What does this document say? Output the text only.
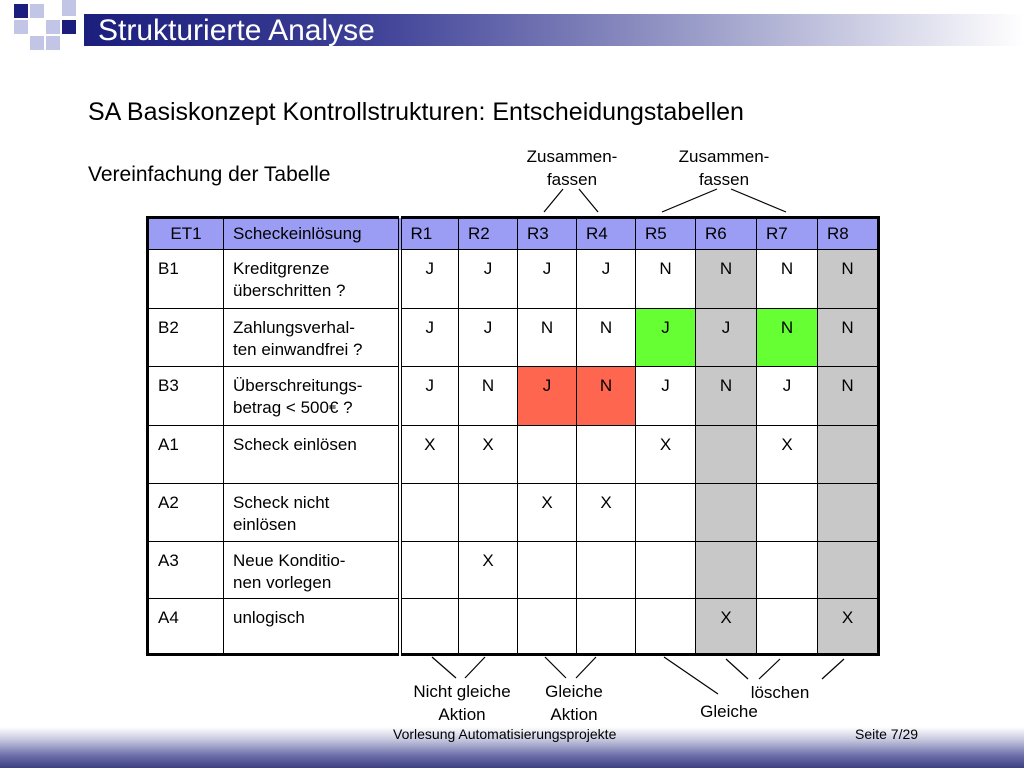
Strukturierte Analyse
SA Basiskonzept Kontrollstrukturen: Entscheidungstabellen
Vereinfachung der Tabelle
Zusammen-
fassen
Zusammen-
fassen
Nicht gleiche
Aktion
Gleiche
Aktion	Gleiche

löschen
ET1	Scheckeinlösung	R1	R2	R3	R4	R5	R6	R7	R8
B1	Kreditgrenze
überschritten ?	J	J	J	J	N	N	N	N
B2	Zahlungsverhal-
ten einwandfrei ?	J	J	N	N	J	J	N	N
B3	Überschreitungs-
betrag < 500€ ?	J	N	J	N	J	N	J	N
A1	Scheck einlösen	X	X			X		X	
A2	Scheck nicht
einlösen			X	X				
A3	Neue Konditio-
nen vorlegen		X						
A4	unlogisch						X		X
Vorlesung Automatisierungsprojekte	Seite 7/29
